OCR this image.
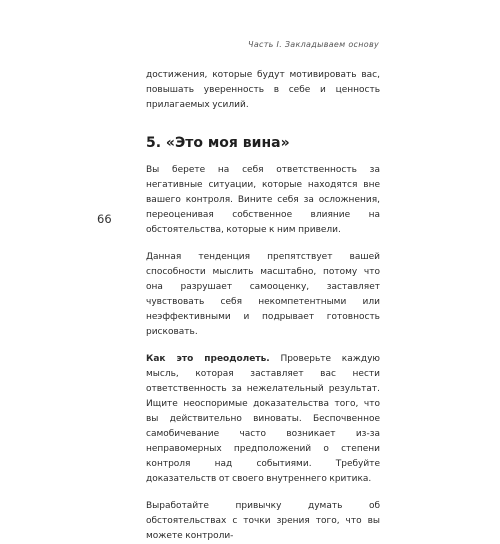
Часть I. Закладываем основу
66

достижения, которые будут мотивировать вас, повышать уверенность в себе и ценность прилагаемых усилий.

5. «Это моя вина»

Вы берете на себя ответственность за негативные ситуации, которые находятся вне вашего контроля. Вините себя за осложнения, переоценивая собственное влияние на обстоятельства, которые к ним привели.

Данная тенденция препятствует вашей способности мыслить масштабно, потому что она разрушает самооценку, заставляет чувствовать себя некомпетентными или неэффективными и подрывает готовность рисковать.

Как это преодолеть. Проверьте каждую мысль, которая заставляет вас нести ответственность за нежелательный результат. Ищите неоспоримые доказательства того, что вы действительно виноваты. Беспочвенное самобичевание часто возникает из-за неправомерных предположений о степени контроля над событиями. Требуйте доказательств от своего внутреннего критика.

Выработайте привычку думать об обстоятельствах с точки зрения того, что вы можете контроли-
